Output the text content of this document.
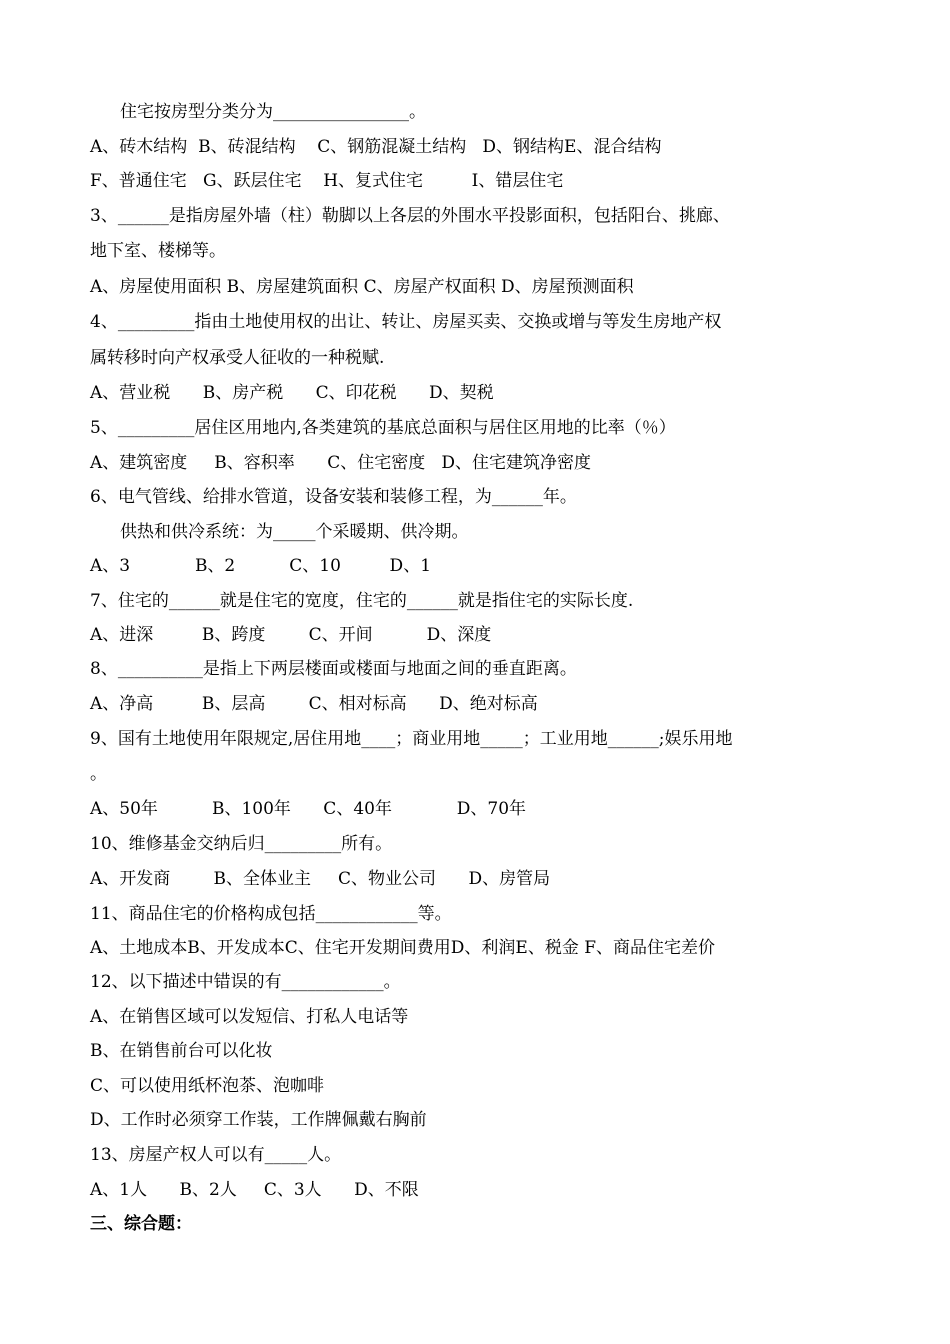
住宅按房型分类分为________________。
A、砖木结构  B、砖混结构    C、钢筋混凝土结构   D、钢结构E、混合结构
F、普通住宅   G、跃层住宅    H、复式住宅         I、错层住宅
3、______是指房屋外墙（柱）勒脚以上各层的外围水平投影面积，包括阳台、挑廊、
地下室、楼梯等。
A、房屋使用面积 B、房屋建筑面积 C、房屋产权面积 D、房屋预测面积
4、_________指由土地使用权的出让、转让、房屋买卖、交换或增与等发生房地产权
属转移时向产权承受人征收的一种税赋.
A、营业税      B、房产税      C、印花税      D、契税
5、_________居住区用地内,各类建筑的基底总面积与居住区用地的比率（％）
A、建筑密度     B、容积率      C、住宅密度   D、住宅建筑净密度
6、电气管线、给排水管道，设备安装和装修工程，为______年。
供热和供冷系统：为_____个采暖期、供冷期。
A、3            B、2          C、10         D、1
7、住宅的______就是住宅的宽度，住宅的______就是指住宅的实际长度.
A、进深         B、跨度        C、开间          D、深度
8、__________是指上下两层楼面或楼面与地面之间的垂直距离。
A、净高         B、层高        C、相对标高      D、绝对标高
9、国有土地使用年限规定,居住用地____；商业用地_____；工业用地______;娱乐用地
。
A、50年          B、100年      C、40年            D、70年
10、维修基金交纳后归_________所有。
A、开发商        B、全体业主     C、物业公司      D、房管局
11、商品住宅的价格构成包括____________等。
A、土地成本B、开发成本C、住宅开发期间费用D、利润E、税金 F、商品住宅差价
12、以下描述中错误的有____________。
A、在销售区域可以发短信、打私人电话等
B、在销售前台可以化妆
C、可以使用纸杯泡茶、泡咖啡
D、工作时必须穿工作装，工作牌佩戴右胸前
13、房屋产权人可以有_____人。
A、1人      B、2人     C、3人      D、不限
三、综合题：
